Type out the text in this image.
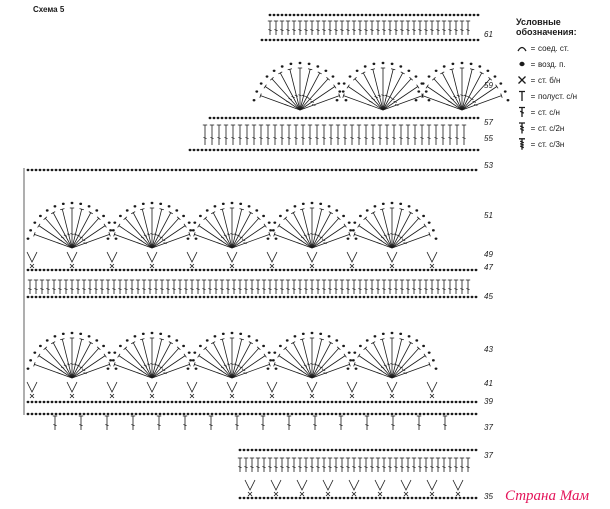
Схема 5
61
59
57
55
53
51
49
47
45
43
41
39
37
37
35
Условные
обозначения:
= соед. ст.
= возд. п.
= ст. б/н
= полуст. с/н
= ст. с/н
= ст. с/2н
= ст. с/3н
Страна Мам
